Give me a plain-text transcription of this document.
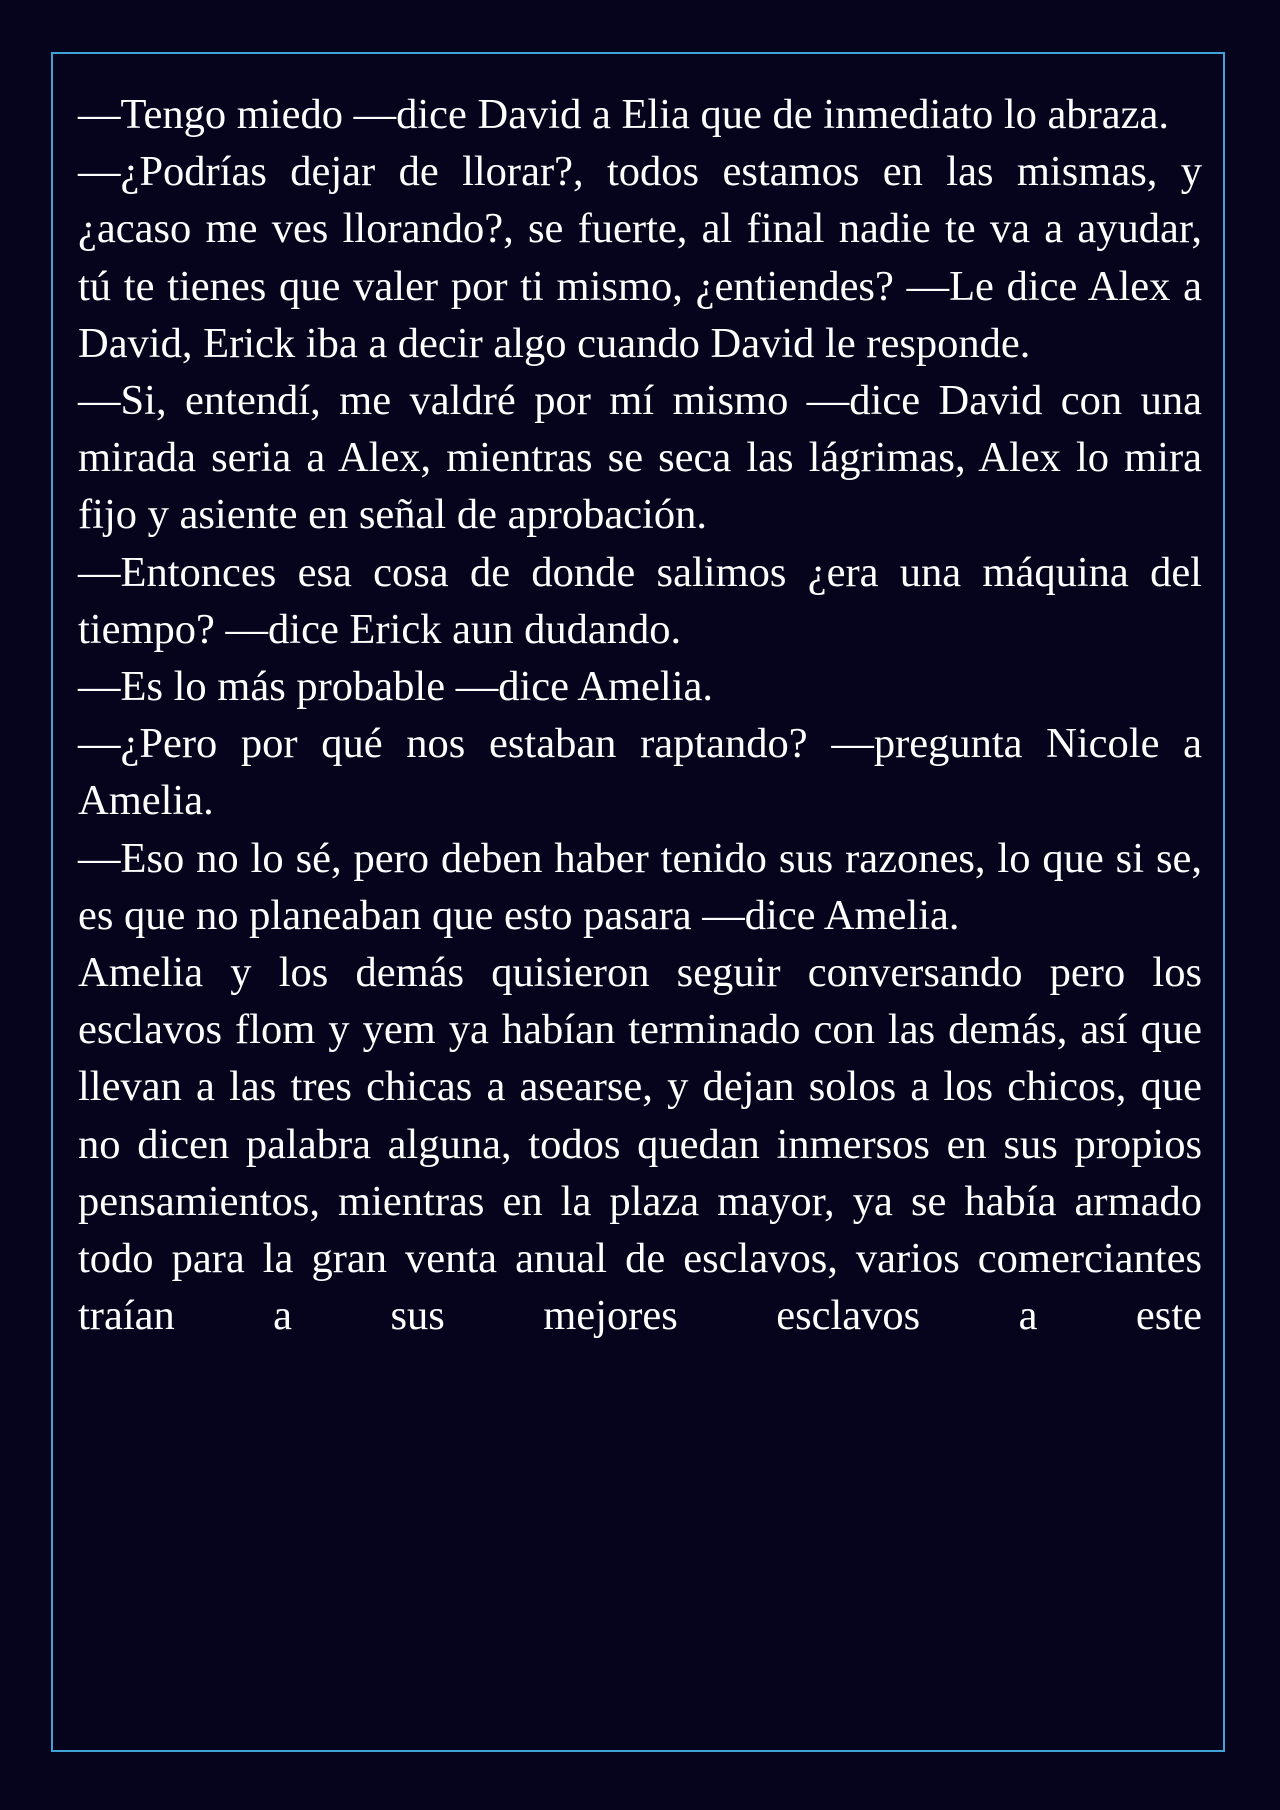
—Tengo miedo —dice David a Elia que de inmediato lo abraza.

—¿Podrías dejar de llorar?, todos estamos en las mismas, y ¿acaso me ves llorando?, se fuerte, al final nadie te va a ayudar, tú te tienes que valer por ti mismo, ¿entiendes? —Le dice Alex a David, Erick iba a decir algo cuando David le responde.

—Si, entendí, me valdré por mí mismo —dice David con una mirada seria a Alex, mientras se seca las lágrimas, Alex lo mira fijo y asiente en señal de aprobación.

—Entonces esa cosa de donde salimos ¿era una máquina del tiempo? —dice Erick aun dudando.

—Es lo más probable —dice Amelia.

—¿Pero por qué nos estaban raptando? —pregunta Nicole a Amelia.

—Eso no lo sé, pero deben haber tenido sus razones, lo que si se, es que no planeaban que esto pasara —dice Amelia.

Amelia y los demás quisieron seguir conversando pero los esclavos flom y yem ya habían terminado con las demás, así que llevan a las tres chicas a asearse, y dejan solos a los chicos, que no dicen palabra alguna, todos quedan inmersos en sus propios pensamientos, mientras en la plaza mayor, ya se había armado todo para la gran venta anual de esclavos, varios comerciantes traían a sus mejores esclavos a este
